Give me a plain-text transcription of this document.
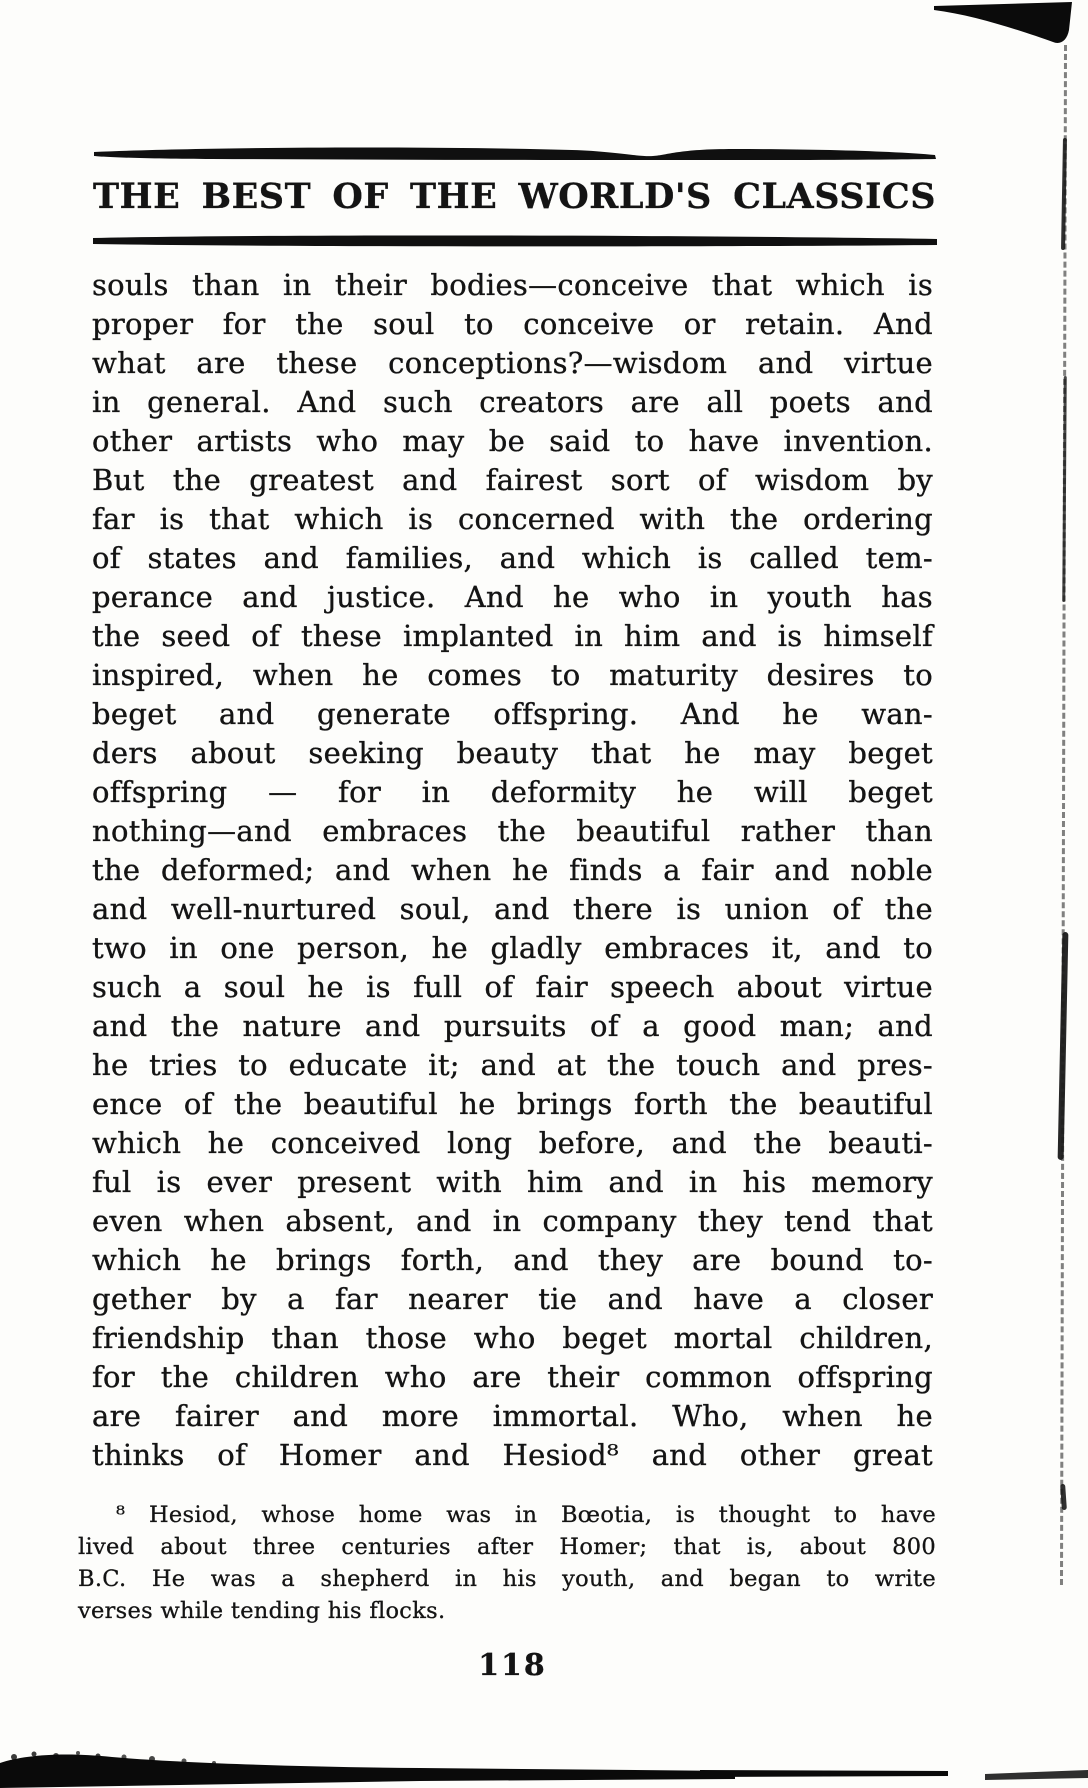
THE BEST OF THE WORLD'S CLASSICS
souls than in their bodies—conceive that which is
proper for the soul to conceive or retain. And
what are these conceptions?—wisdom and virtue
in general. And such creators are all poets and
other artists who may be said to have invention.
But the greatest and fairest sort of wisdom by
far is that which is concerned with the ordering
of states and families, and which is called tem-
perance and justice. And he who in youth has
the seed of these implanted in him and is himself
inspired, when he comes to maturity desires to
beget and generate offspring. And he wan-
ders about seeking beauty that he may beget
offspring — for in deformity he will beget
nothing—and embraces the beautiful rather than
the deformed; and when he finds a fair and noble
and well-nurtured soul, and there is union of the
two in one person, he gladly embraces it, and to
such a soul he is full of fair speech about virtue
and the nature and pursuits of a good man; and
he tries to educate it; and at the touch and pres-
ence of the beautiful he brings forth the beautiful
which he conceived long before, and the beauti-
ful is ever present with him and in his memory
even when absent, and in company they tend that
which he brings forth, and they are bound to-
gether by a far nearer tie and have a closer
friendship than those who beget mortal children,
for the children who are their common offspring
are fairer and more immortal. Who, when he
thinks of Homer and Hesiod⁸ and other great
⁸ Hesiod, whose home was in Bœotia, is thought to have
lived about three centuries after Homer; that is, about 800
B.C. He was a shepherd in his youth, and began to write
verses while tending his flocks.
118
